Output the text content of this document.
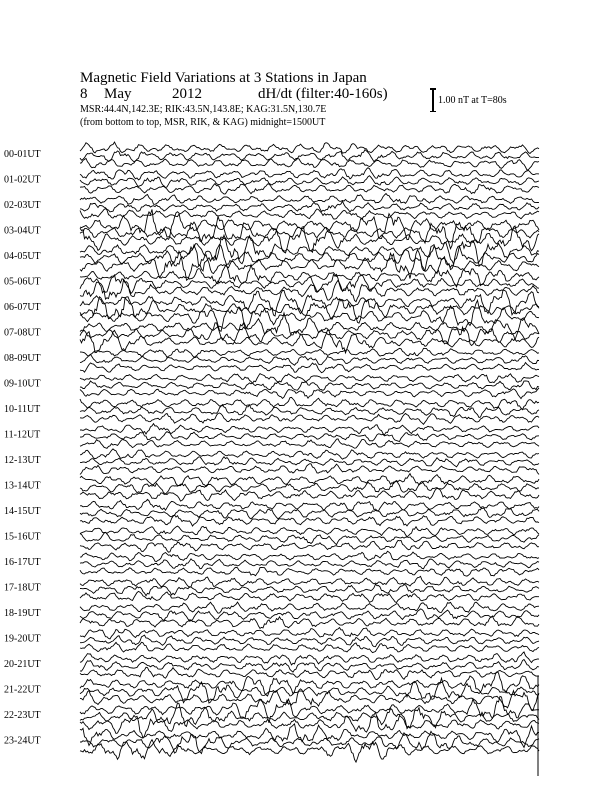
Magnetic Field Variations at 3 Stations in Japan
8 May	2012	dH/dt (filter:40-160s)
MSR:44.4N,142.3E; RIK:43.5N,143.8E; KAG:31.5N,130.7E
(from bottom to top, MSR, RIK, & KAG) midnight=1500UT
1.00 nT at T=80s
00-01UT
01-02UT
02-03UT
03-04UT
04-05UT
05-06UT
06-07UT
07-08UT
08-09UT
09-10UT
10-11UT
11-12UT
12-13UT
13-14UT
14-15UT
15-16UT
16-17UT
17-18UT
18-19UT
19-20UT
20-21UT
21-22UT
22-23UT
23-24UT
